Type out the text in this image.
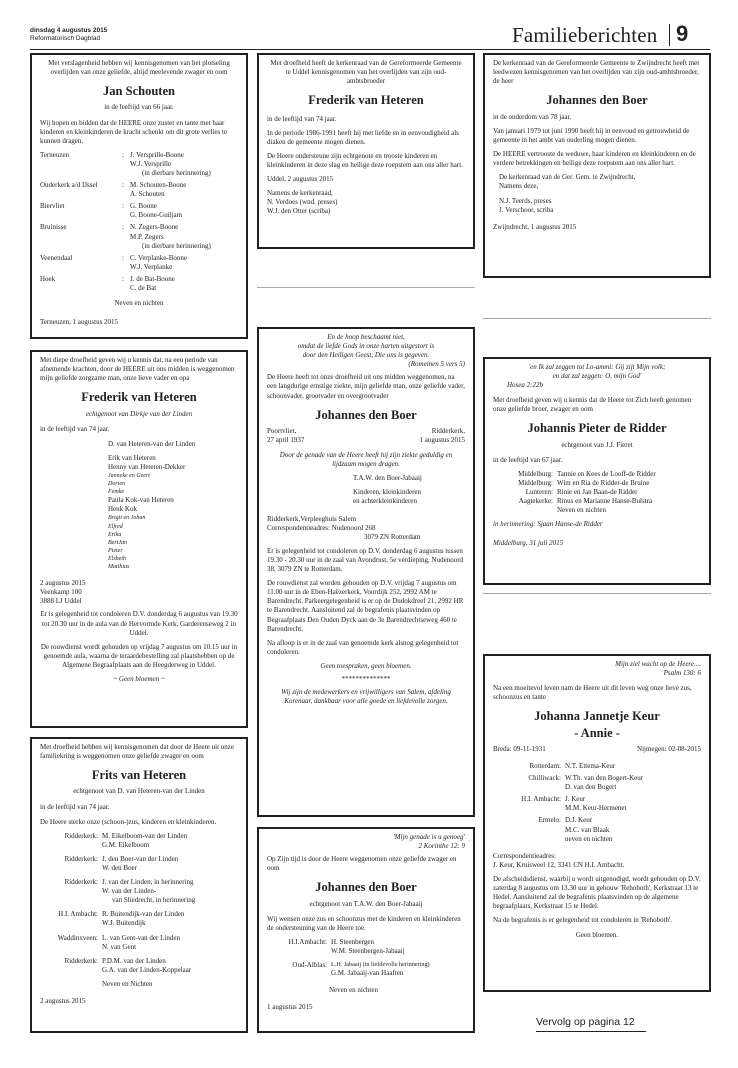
dinsdag 4 augustus 2015
Reformatorisch Dagblad	Familieberichten 9
Met verslagenheid hebben wij kennisgenomen van het plotseling overlijden van onze geliefde, altijd meelevende zwager en oom
Jan Schouten
in de leeftijd van 66 jaar.

Wij hopen en bidden dat de HEERE onze zuster en tante met haar kinderen en kleinkinderen de kracht schenkt om dit grote verlies te kunnen dragen.

Terneuzen	: J. Versprille-Boone
W.J. Versprille
(in dierbare herinnering)
Ouderkerk a/d IJssel	: M. Schouten-Boone
A. Schouten
Biervliet	: G. Boone
G. Boone-Guiljam
Bruinisse	: N. Zegers-Boone
M.P. Zegers
(in dierbare herinnering)
Veenendaal	: C. Verplanke-Boone
W.J. Verplanke
Hoek	: J. de Bat-Boone
C. de Bat
Neven en nichten
Terneuzen, 1 augustus 2015
Met diepe droefheid geven wij u kennis dat, na een periode van afnemende krachten, door de HEERE uit ons midden is weggenomen mijn geliefde zorgzame man, onze lieve vader en opa
Frederik van Heteren
echtgenoot van Dirkje van der Linden
in de leeftijd van 74 jaar.
D. van Heteren-van der Linden
Erik van Heteren
Henny van Heteren-Dekker
Janneke en Geert
Dorien
Femke
Paula Kok-van Heteren
Henk Kok
Brigit en Johan
Elfred
Erika
BertJan
Pieter
Elsbeth
Matthias
2 augustus 2015
Veenkamp 100
3888 LJ Uddel

Er is gelegenheid tot condoleren D.V. donderdag 6 augustus van 19.30 tot 20.30 uur in de aula van de Hervormde Kerk, Garderenseweg 2 in Uddel.

De rouwdienst wordt gehouden op vrijdag 7 augustus om 10.15 uur in genoemde aula, waarna de teraardebestelling zal plaatshebben op de Algemene Begraafplaats aan de Heegderweg in Uddel.

~ Geen bloemen ~
Met droefheid hebben wij kennisgenomen dat door de Heere uit onze familiekring is weggenomen onze geliefde zwager en oom
Frits van Heteren
echtgenoot van D. van Heteren-van der Linden
in de leeftijd van 74 jaar.

De Heere sterke onze (schoon-)zus, kinderen en kleinkinderen.

Ridderkerk: M. Eikelboom-van der Linden
G.M. Eikelboom
Ridderkerk: J. den Boer-van der Linden
W. den Boer
Ridderkerk: J. van der Linden, in herinnering
W. van der Linden-
van Sliedrecht, in herinnering
H.I. Ambacht: R. Buitendijk-van der Linden
W.J. Buitendijk
Waddinxveen: L. van Gent-van der Linden
N. van Gent
Ridderkerk: P.D.M. van der Linden
G.A. van der Linden-Koppelaar
Neven en Nichten
2 augustus 2015
Met droefheid heeft de kerkenraad van de Gereformeerde Gemeente te Uddel kennisgenomen van het overlijden van zijn oud-ambtsbroeder
Frederik van Heteren

in de leeftijd van 74 jaar.

In de periode 1986-1991 heeft hij met liefde en in eenvoudigheid als diaken de gemeente mogen dienen.

De Heere ondersteune zijn echtgenote en trooste kinderen en kleinkinderen in deze slag en heilige deze roepstem aan ons aller hart.

Uddel, 2 augustus 2015

Namens de kerkenraad,
N. Verdoes (wnd. preses)
W.J. den Otter (scriba)
En de hoop beschaamt niet,
omdat de liefde Gods in onze harten uitgestort is
door den Heiligen Geest, Die ons is gegeven.
(Romeinen 5 vers 5)

De Heere heeft tot onze droefheid uit ons midden weggenomen, na een langdurige ernstige ziekte, mijn geliefde man, onze geliefde vader, schoonvader, grootvader en overgrootvader

Johannes den Boer
Poortvliet,
27 april 1937
Ridderkerk,
1 augustus 2015

Door de genade van de Heere heeft hij zijn ziekte geduldig en lijdzaam mogen dragen.

T.A.W. den Boer-Jabaaij
Kinderen, kleinkinderen
en achterkleinkinderen
Ridderkerk,Verpleeghuis Salem
Correspondentieadres: Nudenoord 268
3079 ZN Rotterdam

Er is gelegenheid tot condoleren op D.V. donderdag 6 augustus tussen 19.30 - 20.30 uur in de zaal van Avondrust, 5e verdieping, Nudenoord 38, 3079 ZN te Rotterdam.

De rouwdienst zal worden gehouden op D.V. vrijdag 7 augustus om 11.00 uur in de Eben-Haëzerkerk, Voordijk 252, 2992 AM te Barendrecht. Parkeergelegenheid is er op de Dudokdreef 21, 2992 HR te Barendrecht. Aansluitend zal de begrafenis plaatsvinden op Begraafplaats Den Ouden Dyck aan de 3e Barendrechtseweg 460 te Barendrecht.

Na afloop is er in de zaal van genoemde kerk alsnog gelegenheid tot condoleren.

Geen toespraken, geen bloemen.
**************

Wij zijn de medewerkers en vrijwilligers van Salem, afdeling Korenaar, dankbaar voor alle goede en liefdevolle zorgen.

'Mijn genade is u genoeg'
2 Korinthe 12: 9

Op Zijn tijd is door de Heere weggenomen onze geliefde zwager en oom

Johannes den Boer
echtgenoot van T.A.W. den Boer-Jabaaij

Wij wensen onze zus en schoonzus met de kinderen en kleinkinderen de ondersteuning van de Heere toe.

H.I.Ambacht: H. Steenbergen
W.M. Steenbergen-Jabaaij
Oud-Alblas: L.H. Jabaaij (in liefdevolle herinnering)
G.M. Jabaaij-van Haaften
Neven en nichten
1 augustus 2015
De kerkenraad van de Gereformeerde Gemeente te Zwijndrecht heeft met leedwezen kennisgenomen van het overlijden van zijn oud-ambtsbroeder, de heer
Johannes den Boer

in de ouderdom van 78 jaar.

Van januari 1979 tot juni 1990 heeft hij in eenvoud en getrouwheid de gemeente in het ambt van ouderling mogen dienen.

De HEERE vertrooste de weduwe, haar kinderen en kleinkinderen en de verdere betrekkingen en heilige deze roepstem aan ons aller hart.

De kerkenraad van de Ger. Gem. te Zwijndrecht,
Namens deze,
N.J. Teerds, preses
J. Verschoor, scriba
Zwijndrecht, 1 augustus 2015
'en Ik zal zeggen tot Lo-ammi: Gij zijt Mijn volk;
en dat zal zeggen: O, mijn God'
Hosea 2:22b

Met droefheid geven wij u kennis dat de Heere tot Zich heeft genomen onze geliefde broer, zwager en oom

Johannis Pieter de Ridder
echtgenoot van J.J. Fieret

in de leeftijd van 67 jaar.

Middelburg: Tannie en Kees de Looff-de Ridder
Middelburg: Wim en Ria de Ridder-de Bruine
Lunteren: Rinie en Jan Baan-de Ridder
Aagtekerke: Rinus en Marianne Hanse-Bulstra
Neven en nichten
in herinnering: Sjaan Hanse-de Ridder
Middelburg, 31 juli 2015
Mijn ziel wacht op de Heere....
Psalm 130: 6

Na een moeitevol leven nam de Heere uit dit leven weg onze lieve zus, schoonzus en tante

Johanna Jannetje Keur
- Annie -
Breda: 09-11-1931	Nijmegen: 02-08-2015
Rotterdam: N.T. Ettema-Keur
Chilliwack: W.Th. van den Bogert-Keur
D. van den Bogert
H.I. Ambacht: J. Keur
M.M. Keur-Hermenet
Ermelo: D.J. Keur
M.C. van Blaak
neven en nichten
Correspondentieadres:
J. Keur, Kruisweel 12, 3341 CN H.I. Ambacht.

De afscheidsdienst, waarbij u wordt uitgenodigd, wordt gehouden op D.V. zaterdag 8 augustus om 13.30 uur in gebouw 'Rehoboth', Kerkstraat 13 te Hedel. Aansluitend zal de begrafenis plaatsvinden op de algemene begraafplaats, Kerkstraat 15 te Hedel.

Na de begrafenis is er gelegenheid tot condoleren in 'Rehoboth'.

Geen bloemen.
Vervolg op pagina 12
